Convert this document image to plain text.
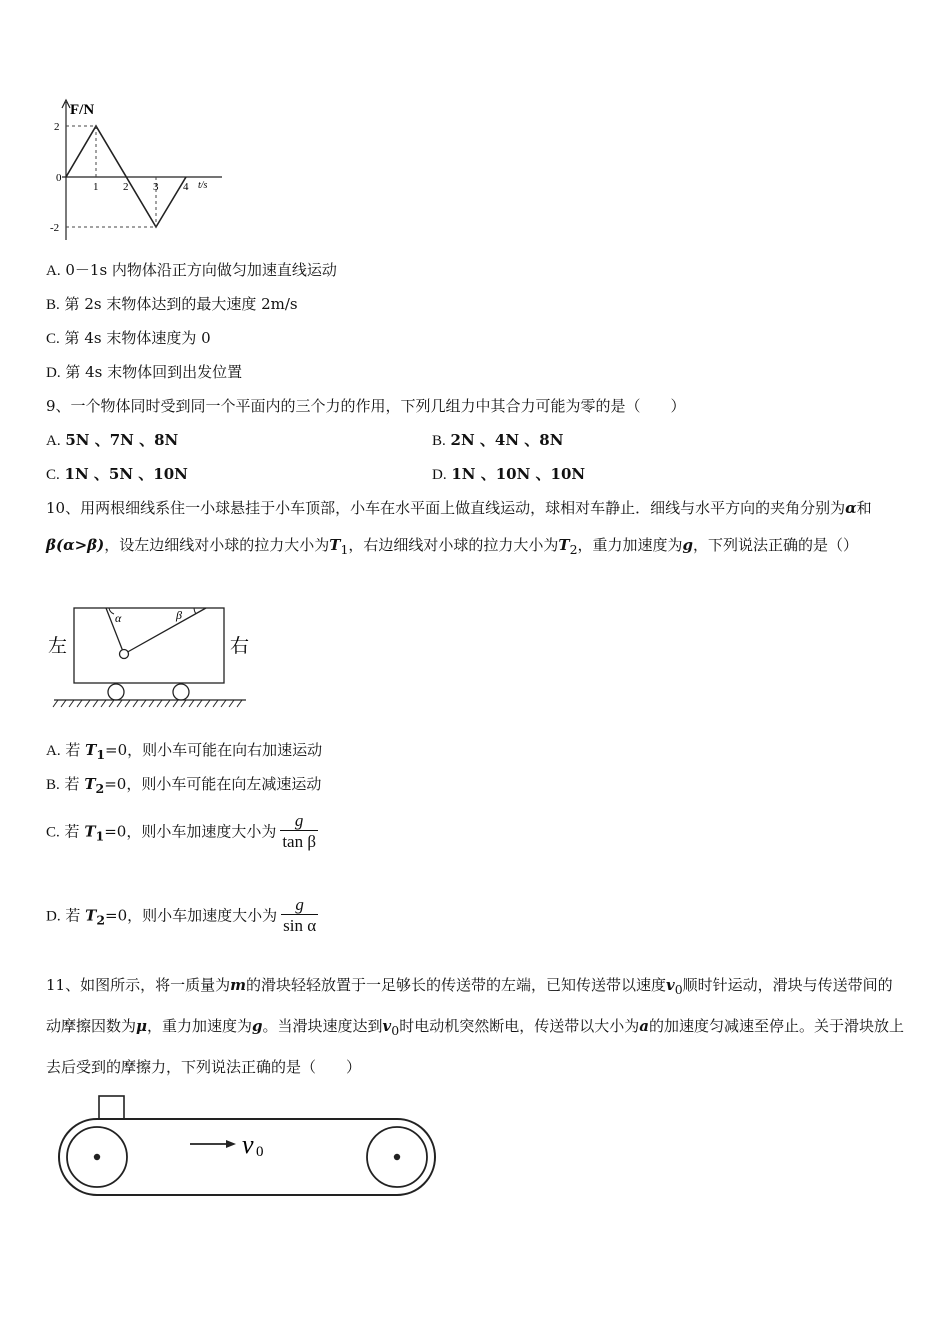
F/N
t/s
2
0
-2
1 2 3 4
A. 0－1s 内物体沿正方向做匀加速直线运动
B. 第 2s 末物体达到的最大速度 2m/s
C. 第 4s 末物体速度为 0
D. 第 4s 末物体回到出发位置
9、一个物体同时受到同一个平面内的三个力的作用，下列几组力中其合力可能为零的是（　　）
A. 5N 、7N 、8N	B. 2N 、4N 、8N
C. 1N 、5N 、10N	D. 1N 、10N 、10N
10、用两根细线系住一小球悬挂于小车顶部，小车在水平面上做直线运动，球相对车静止．细线与水平方向的夹角分别为α和β(α>β)，设左边细线对小球的拉力大小为$T_1$，右边细线对小球的拉力大小为$T_2$，重力加速度为g，下列说法正确的是（）
α	β
左	右
A. 若 $T_1=0$，则小车可能在向右加速运动
B. 若 $T_2=0$，则小车可能在向左减速运动
C. 若 $T_1=0$，则小车加速度大小为 $\frac{g}{\text{tan β}}$
D. 若 $T_2=0$，则小车加速度大小为 $\frac{g}{\text{sin α}}$
11、如图所示，将一质量为m的滑块轻轻放置于一足够长的传送带的左端，已知传送带以速度$v_0$顺时针运动，滑块与传送带间的动摩擦因数为μ，重力加速度为g。当滑块速度达到$v_0$时电动机突然断电，传送带以大小为a的加速度匀减速至停止。关于滑块放上去后受到的摩擦力，下列说法正确的是（　　）
v 0
